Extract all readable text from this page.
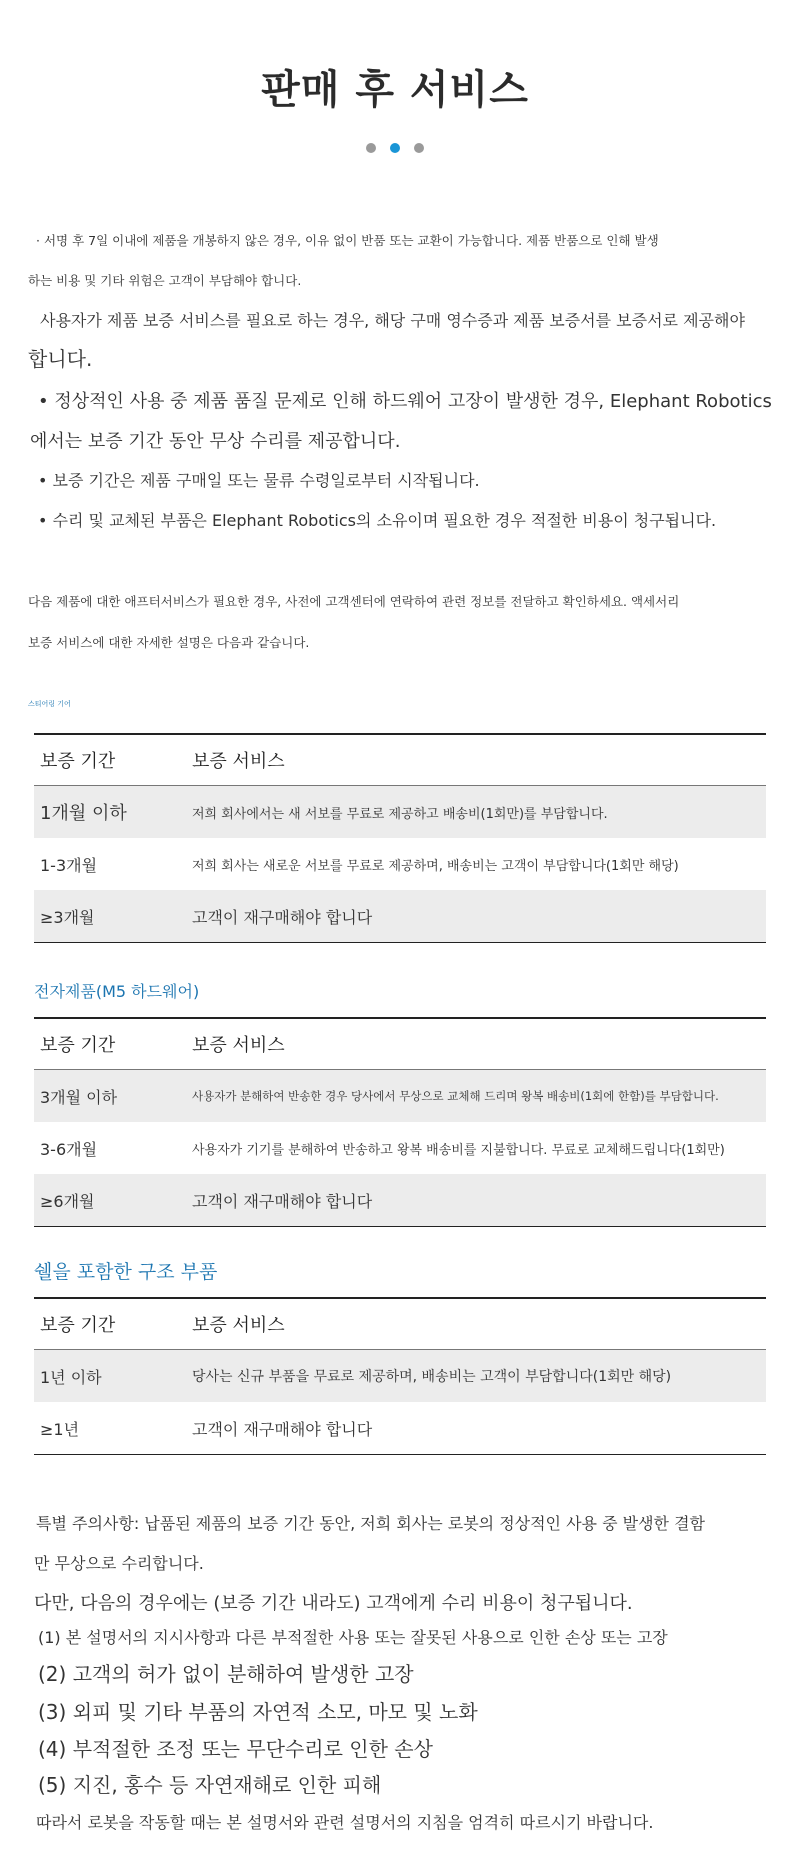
판매 후 서비스

· 서명 후 7일 이내에 제품을 개봉하지 않은 경우, 이유 없이 반품 또는 교환이 가능합니다. 제품 반품으로 인해 발생
하는 비용 및 기타 위험은 고객이 부담해야 합니다.
사용자가 제품 보증 서비스를 필요로 하는 경우, 해당 구매 영수증과 제품 보증서를 보증서로 제공해야
합니다.
• 정상적인 사용 중 제품 품질 문제로 인해 하드웨어 고장이 발생한 경우, Elephant Robotics
에서는 보증 기간 동안 무상 수리를 제공합니다.
• 보증 기간은 제품 구매일 또는 물류 수령일로부터 시작됩니다.
• 수리 및 교체된 부품은 Elephant Robotics의 소유이며 필요한 경우 적절한 비용이 청구됩니다.
다음 제품에 대한 애프터서비스가 필요한 경우, 사전에 고객센터에 연락하여 관련 정보를 전달하고 확인하세요. 액세서리
보증 서비스에 대한 자세한 설명은 다음과 같습니다.
스티어링 기어
보증 기간	보증 서비스
1개월 이하	저희 회사에서는 새 서보를 무료로 제공하고 배송비(1회만)를 부담합니다.
1-3개월	저희 회사는 새로운 서보를 무료로 제공하며, 배송비는 고객이 부담합니다(1회만 해당)
≥3개월	고객이 재구매해야 합니다
전자제품(M5 하드웨어)
보증 기간	보증 서비스
3개월 이하	사용자가 분해하여 반송한 경우 당사에서 무상으로 교체해 드리며 왕복 배송비(1회에 한함)를 부담합니다.
3-6개월	사용자가 기기를 분해하여 반송하고 왕복 배송비를 지불합니다. 무료로 교체해드립니다(1회만)
≥6개월	고객이 재구매해야 합니다
쉘을 포함한 구조 부품
보증 기간	보증 서비스
1년 이하	당사는 신규 부품을 무료로 제공하며, 배송비는 고객이 부담합니다(1회만 해당)
≥1년	고객이 재구매해야 합니다
특별 주의사항: 납품된 제품의 보증 기간 동안, 저희 회사는 로봇의 정상적인 사용 중 발생한 결함
만 무상으로 수리합니다.
다만, 다음의 경우에는 (보증 기간 내라도) 고객에게 수리 비용이 청구됩니다.
(1) 본 설명서의 지시사항과 다른 부적절한 사용 또는 잘못된 사용으로 인한 손상 또는 고장
(2) 고객의 허가 없이 분해하여 발생한 고장
(3) 외피 및 기타 부품의 자연적 소모, 마모 및 노화
(4) 부적절한 조정 또는 무단수리로 인한 손상
(5) 지진, 홍수 등 자연재해로 인한 피해
따라서 로봇을 작동할 때는 본 설명서와 관련 설명서의 지침을 엄격히 따르시기 바랍니다.
